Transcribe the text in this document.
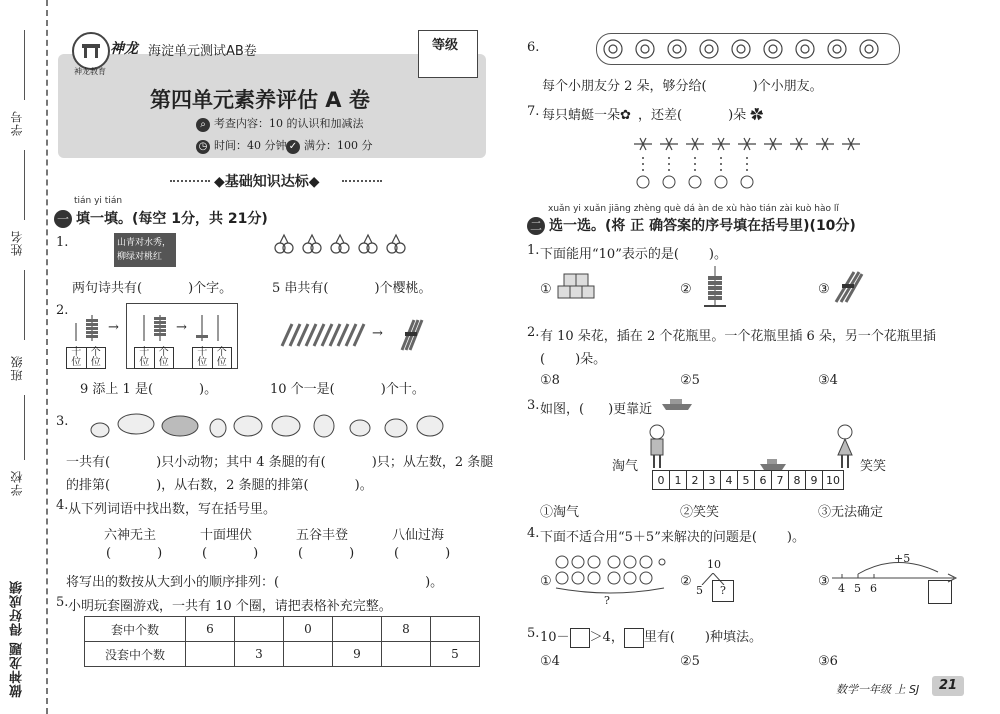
学号
姓名
班级
学校
做神龙题 得好成绩
神龙教育
神龙 海淀单元测试AB卷	等级
第四单元素养评估 A 卷
⌕ 考查内容：10 的认识和加减法
◷ 时间：40 分钟 ✓ 满分：100 分
◆基础知识达标◆
tián yi tián
一 填一填。(每空 1分，共 21分)
1.	山青对水秀，柳绿对桃红
两句诗共有(	)个字。	5 串共有(	)个樱桃。
2.
十位
个位
→
十位
个位
→
十位
个位
→
9 添上 1 是(	)。	10 个一是(	)个十。
3.
一共有(	)只小动物；其中 4 条腿的有(	)只；从左数，2 条腿
的排第(	)，从右数，2 条腿的排第(	)。
4. 从下列词语中找出数，写在括号里。
六神无主	十面埋伏	五谷丰登	八仙过海
(	)	(	)	(	)	(	)
将写出的数按从大到小的顺序排列：(	)。
5. 小明玩套圈游戏，一共有 10 个圈，请把表格补充完整。
套中个数	6		0		8	
没套中个数		3		9		5
6.
每个小朋友分 2 朵，够分给(	)个小朋友。
7. 每只蜻蜓一朵✿ ，还差(	)朵 ✿
xuǎn yi xuǎn jiāng zhèng què dá àn de xù hào tián zài kuò hào lǐ
二 选一选。(将 正 确答案的序号填在括号里)(10分)
1. 下面能用“10”表示的是( )。
①	②	③
2. 有 10 朵花，插在 2 个花瓶里。一个花瓶里插 6 朵，另一个花瓶里插
( )朵。
①8	②5	③4
3. 如图，( )更靠近
淘气	笑笑
0	1	2	3	4	5	6	7	8	9	10
①淘气	②笑笑	③无法确定
4. 下面不适合用“5＋5”来解决的问题是( )。
①
?
②
10
5	?
③
+5
4 5 6
5. 10－ ＞4， 里有( )种填法。
①4	②5	③6
数学一年级 上 SJ	21
